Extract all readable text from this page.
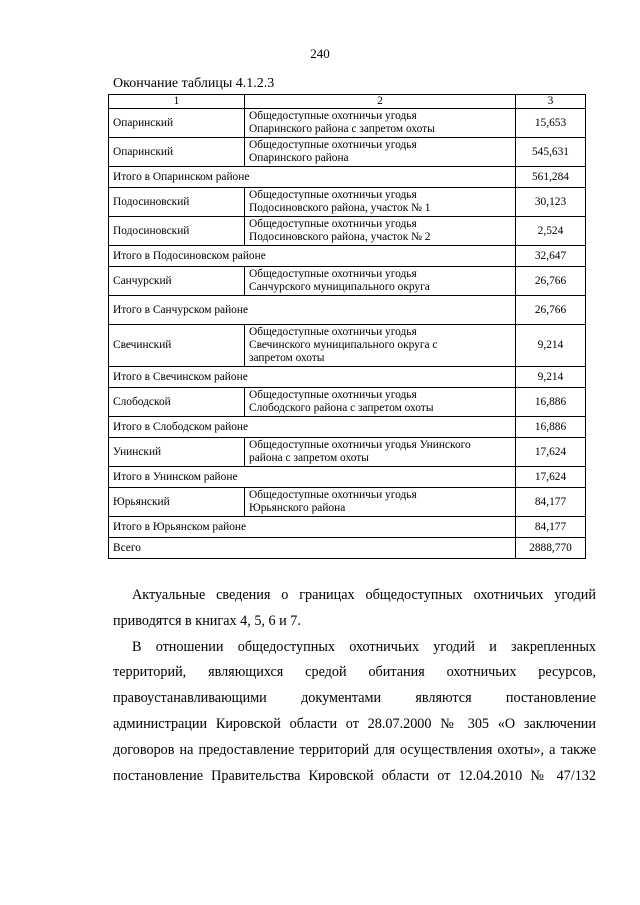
240
Окончание таблицы 4.1.2.3
1	2	3
Опаринский	Общедоступные охотничьи угодья
Опаринского района с запретом охоты	15,653
Опаринский	Общедоступные охотничьи угодья
Опаринского района	545,631
Итого в Опаринском районе		561,284
Подосиновский	Общедоступные охотничьи угодья
Подосиновского района, участок № 1	30,123
Подосиновский	Общедоступные охотничьи угодья
Подосиновского района, участок № 2	2,524
Итого в Подосиновском районе		32,647
Санчурский	Общедоступные охотничьи угодья
Санчурского муниципального округа	26,766
Итого в Санчурском районе		26,766
Свечинский	Общедоступные охотничьи угодья
Свечинского муниципального округа с
запретом охоты	9,214
Итого в Свечинском районе		9,214
Слободской	Общедоступные охотничьи угодья
Слободского района с запретом охоты	16,886
Итого в Слободском районе		16,886
Унинский	Общедоступные охотничьи угодья Унинского
района с запретом охоты	17,624
Итого в Унинском районе		17,624
Юрьянский	Общедоступные охотничьи угодья
Юрьянского района	84,177
Итого в Юрьянском районе		84,177
Всего		2888,770
Актуальные сведения о границах общедоступных охотничьих угодий
приводятся в книгах 4, 5, 6 и 7.
В отношении общедоступных охотничьих угодий и закрепленных
территорий, являющихся средой обитания охотничьих ресурсов,
правоустанавливающими документами являются постановление
администрации Кировской области от 28.07.2000 № 305 «О заключении
договоров на предоставление территорий для осуществления охоты», а также
постановление Правительства Кировской области от 12.04.2010 № 47/132
